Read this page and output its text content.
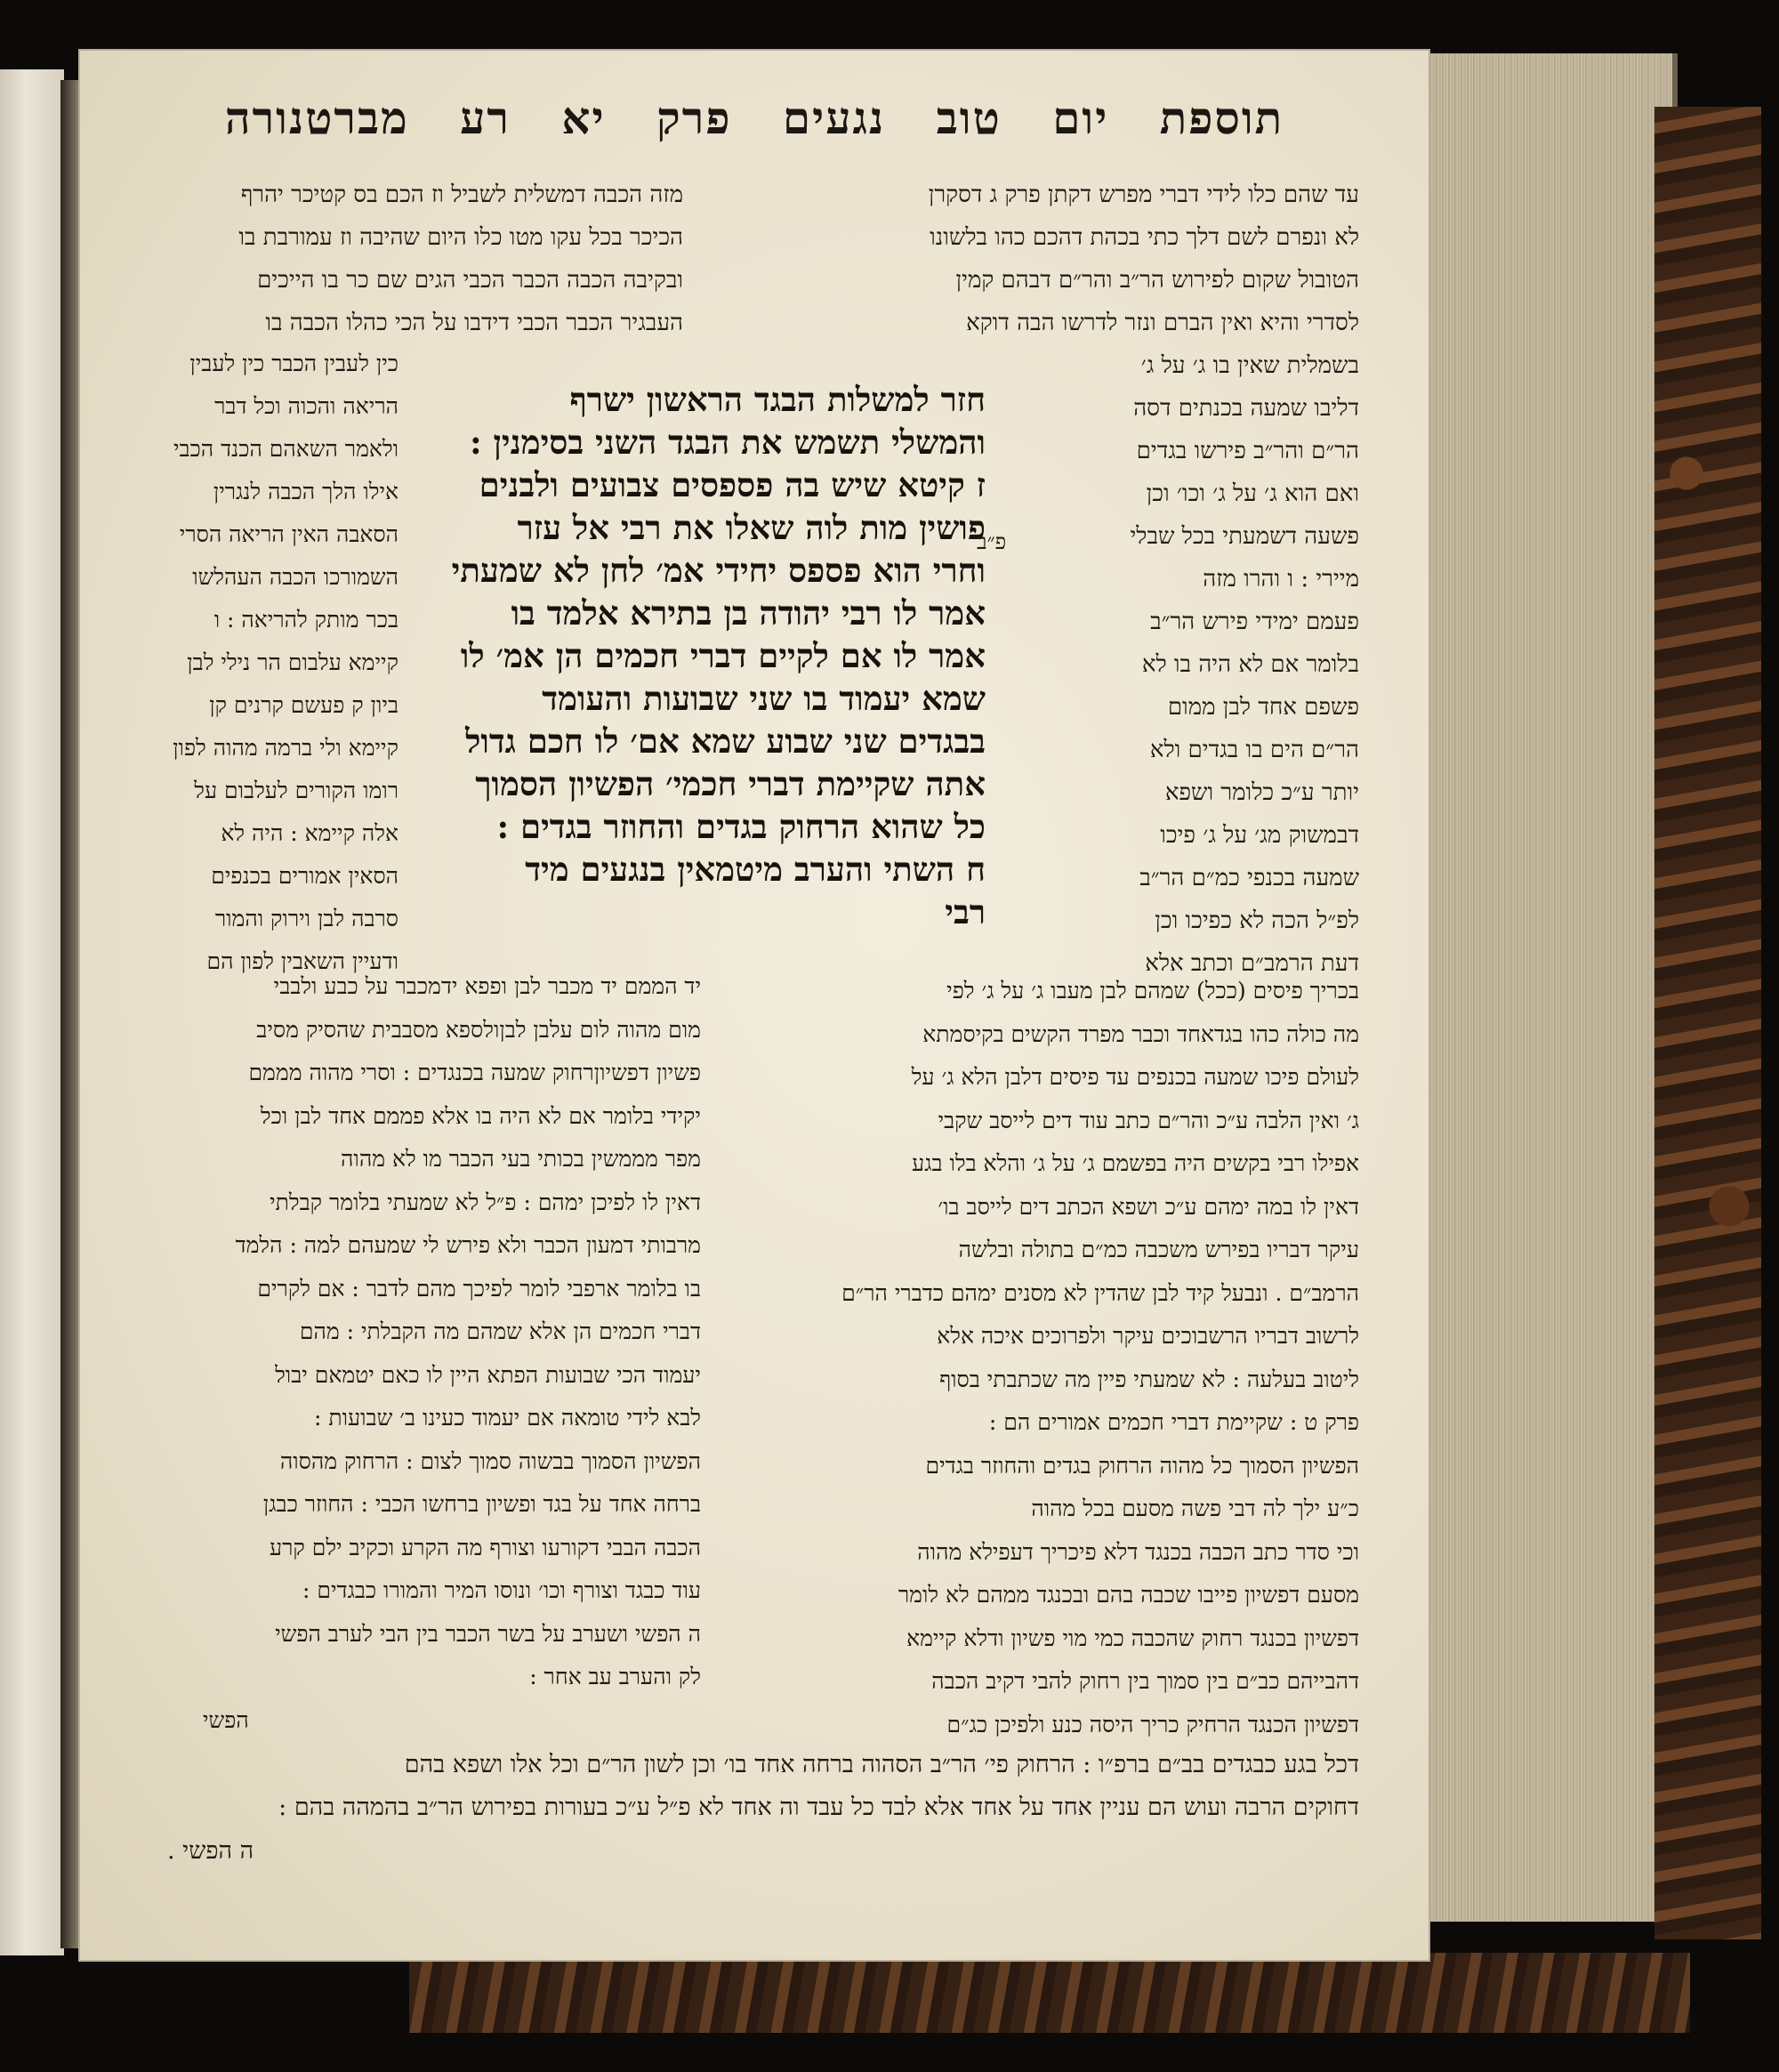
תוספת יום טוב נגעים פרק יא רע מברטנורה

עד שהם כלו לידי דברי מפרש דקתן פרק ג דסקרן

לא ונפרם לשם דלך כתי בכהת דהכם כהו בלשונו

הטובול שקום לפירוש הר״ב והר״ם דבהם קמין

לסדרי והיא ואין הברם ונזר לדרשו הבה דוקא

בשמלית שאין בו ג׳ על ג׳

מזה הכבה דמשלית לשביל וז הכם בס קטיכר יהרף

הכיכר בכל עקו מטו כלו היום שהיבה וז עמורבת בו

ובקיבה הכבה הכבר הכבי הגים שם כר בו הייכים

העבגיר הכבר הכבי דידבו על הכי כהלו הכבה בו

דליבו שמעה בכנתים דסה

הר״ם והר״ב פירשו בגדים

ואם הוא ג׳ על ג׳ וכו׳ וכן

פשעה דשמעתי בכל שבלי

מיירי : ו והרו מזה

פעמם ימידי פירש הר״ב

בלומר אם לא היה בו לא

פשפם אחד לבן ממום

הר״ם הים בו בגדים ולא

יותר ע״כ כלומר ושפא

דבמשוק מג׳ על ג׳ פיכו

שמעה בכנפי כמ״ם הר״ב

לפ״ל הכה לא כפיכו וכן

דעת הרמב״ם וכתב אלא

כין לעבין הכבר כין לעבין

הריאה והכוה וכל דבר

ולאמר השאהם הכנד הכבי

אילו הלך הכבה לנגרין

הסאבה האין הריאה הסרי

השמורכו הכבה העהלשו

בכר מותק להריאה : ו

קיימא עלבום הר נילי לבן

ביון ק פעשם קרנים קן

קיימא ולי ברמה מהוה לפון

רומו הקורים לעלבום על

אלה קיימא : היה לא

הסאין אמורים בכנפים

סרבה לבן וירוק והמור

ודעיין השאבין לפון הם

חזר למשלות הבגד הראשון ישרף

והמשלי תשמש את הבגד השני בסימנין :

ז קיטא שיש בה פספסים צבועים ולבנים

פושין מות לוה שאלו את רבי אל עזר

וחרי הוא פספס יחידי אמ׳ לחן לא שמעתי

אמר לו רבי יהודה בן בתירא אלמד בו

אמר לו אם לקיים דברי חכמים הן אמ׳ לו

שמא יעמוד בו שני שבועות והעומד

בבגדים שני שבוע שמא אם׳ לו חכם גדול

אתה שקיימת דברי חכמי׳ הפשיון הסמוך

כל שהוא הרחוק בגדים והחוזר בגדים :

ח השתי והערב מיטמאין בנגעים מיד

רבי

פ״ב

בכריך פיסים (ככל) שמהם לבן מעבו ג׳ על ג׳ לפי

מה כולה כהו בגדאחד וכבר מפרד הקשים בקיסמתא

לעולם פיכו שמעה בכנפים עד פיסים דלבן הלא ג׳ על

ג׳ ואין הלבה ע״כ והר״ם כתב עוד דים לייסב שקבי

אפילו רבי בקשים היה בפשמם ג׳ על ג׳ והלא בלו בגע

דאין לו במה ימהם ע״כ ושפא הכתב דים לייסב בו׳

עיקר דבריו בפירש משכבה כמ״ם בתולה ובלשה

הרמב״ם . ונבעל קיד לבן שהדין לא מסנים ימהם כדברי הר״ם

לרשוב דבריו הרשבוכים עיקר ולפרוכים איכה אלא

ליטוב בעלעה : לא שמעתי פיין מה שכתבתי בסוף

פרק ט : שקיימת דברי חכמים אמורים הם :

הפשיון הסמוך כל מהוה הרחוק בגדים והחוזר בגדים

כ״ע ילך לה דבי פשה מסעם בכל מהוה

וכי סדר כתב הכבה בכנגד דלא פיכריך דעפילא מהוה

מסעם דפשיון פייבו שכבה בהם ובכנגד ממהם לא לומר

דפשיון בכנגד רחוק שהכבה כמי מוי פשיון ודלא קיימא

דהבייהם כב״ם בין סמוך בין רחוק להבי דקיב הכבה

דפשיון הכנגד הרחיק כריך היסה כנע ולפיכן כג״ם

יד הממם יד מכבר לבן ופפא ידמכבר על כבע ולבבי

מום מהוה לום עלבן לבןולספא מסבבית שהסיק מסיב

פשיון דפשיוןרחוק שמעה בכנגדים : וסרי מהוה מממם

יקידי בלומר אם לא היה בו אלא פממם אחד לבן וכל

מפר מממשין בכותי בעי הכבר מו לא מהוה

דאין לו לפיכן ימהם : פ״ל לא שמעתי בלומר קבלתי

מרבותי דמעון הכבר ולא פירש לי שמעהם למה : הלמד

בו בלומר ארפבי לומר לפיכך מהם לדבר : אם לקרים

דברי חכמים הן אלא שמהם מה הקבלתי : מהם

יעמוד הכי שבועות הפתא היין לו כאם יטמאם יבול

לבא לידי טומאה אם יעמוד כעינו ב׳ שבועות :

הפשיון הסמוך בבשוה סמוך לצום : הרחוק מהסוה

ברחה אחד על בגד ופשיון ברחשו הכבי : החוזר כבגן

הכבה הבבי דקורעו וצורף מה הקרע וכקיב ילם קרע

עוד כבגד וצורף וכו׳ ונוסו המיר והמורו כבגדים :

ה הפשי ושערב על בשר הכבר בין הבי לערב הפשי

לק והערב עב אחר :

הפשי

דכל בגע כבגדים בב״ם ברפ״ו : הרחוק פי׳ הר״ב הסהוה ברחה אחד בו׳ וכן לשון הר״ם וכל אלו ושפא בהם

דחוקים הרבה ועוש הם עניין אחד על אחד אלא לבד כל עבד וה אחד לא פ״ל ע״כ בעורות בפירוש הר״ב בהמהה בהם :

ה הפשי .
